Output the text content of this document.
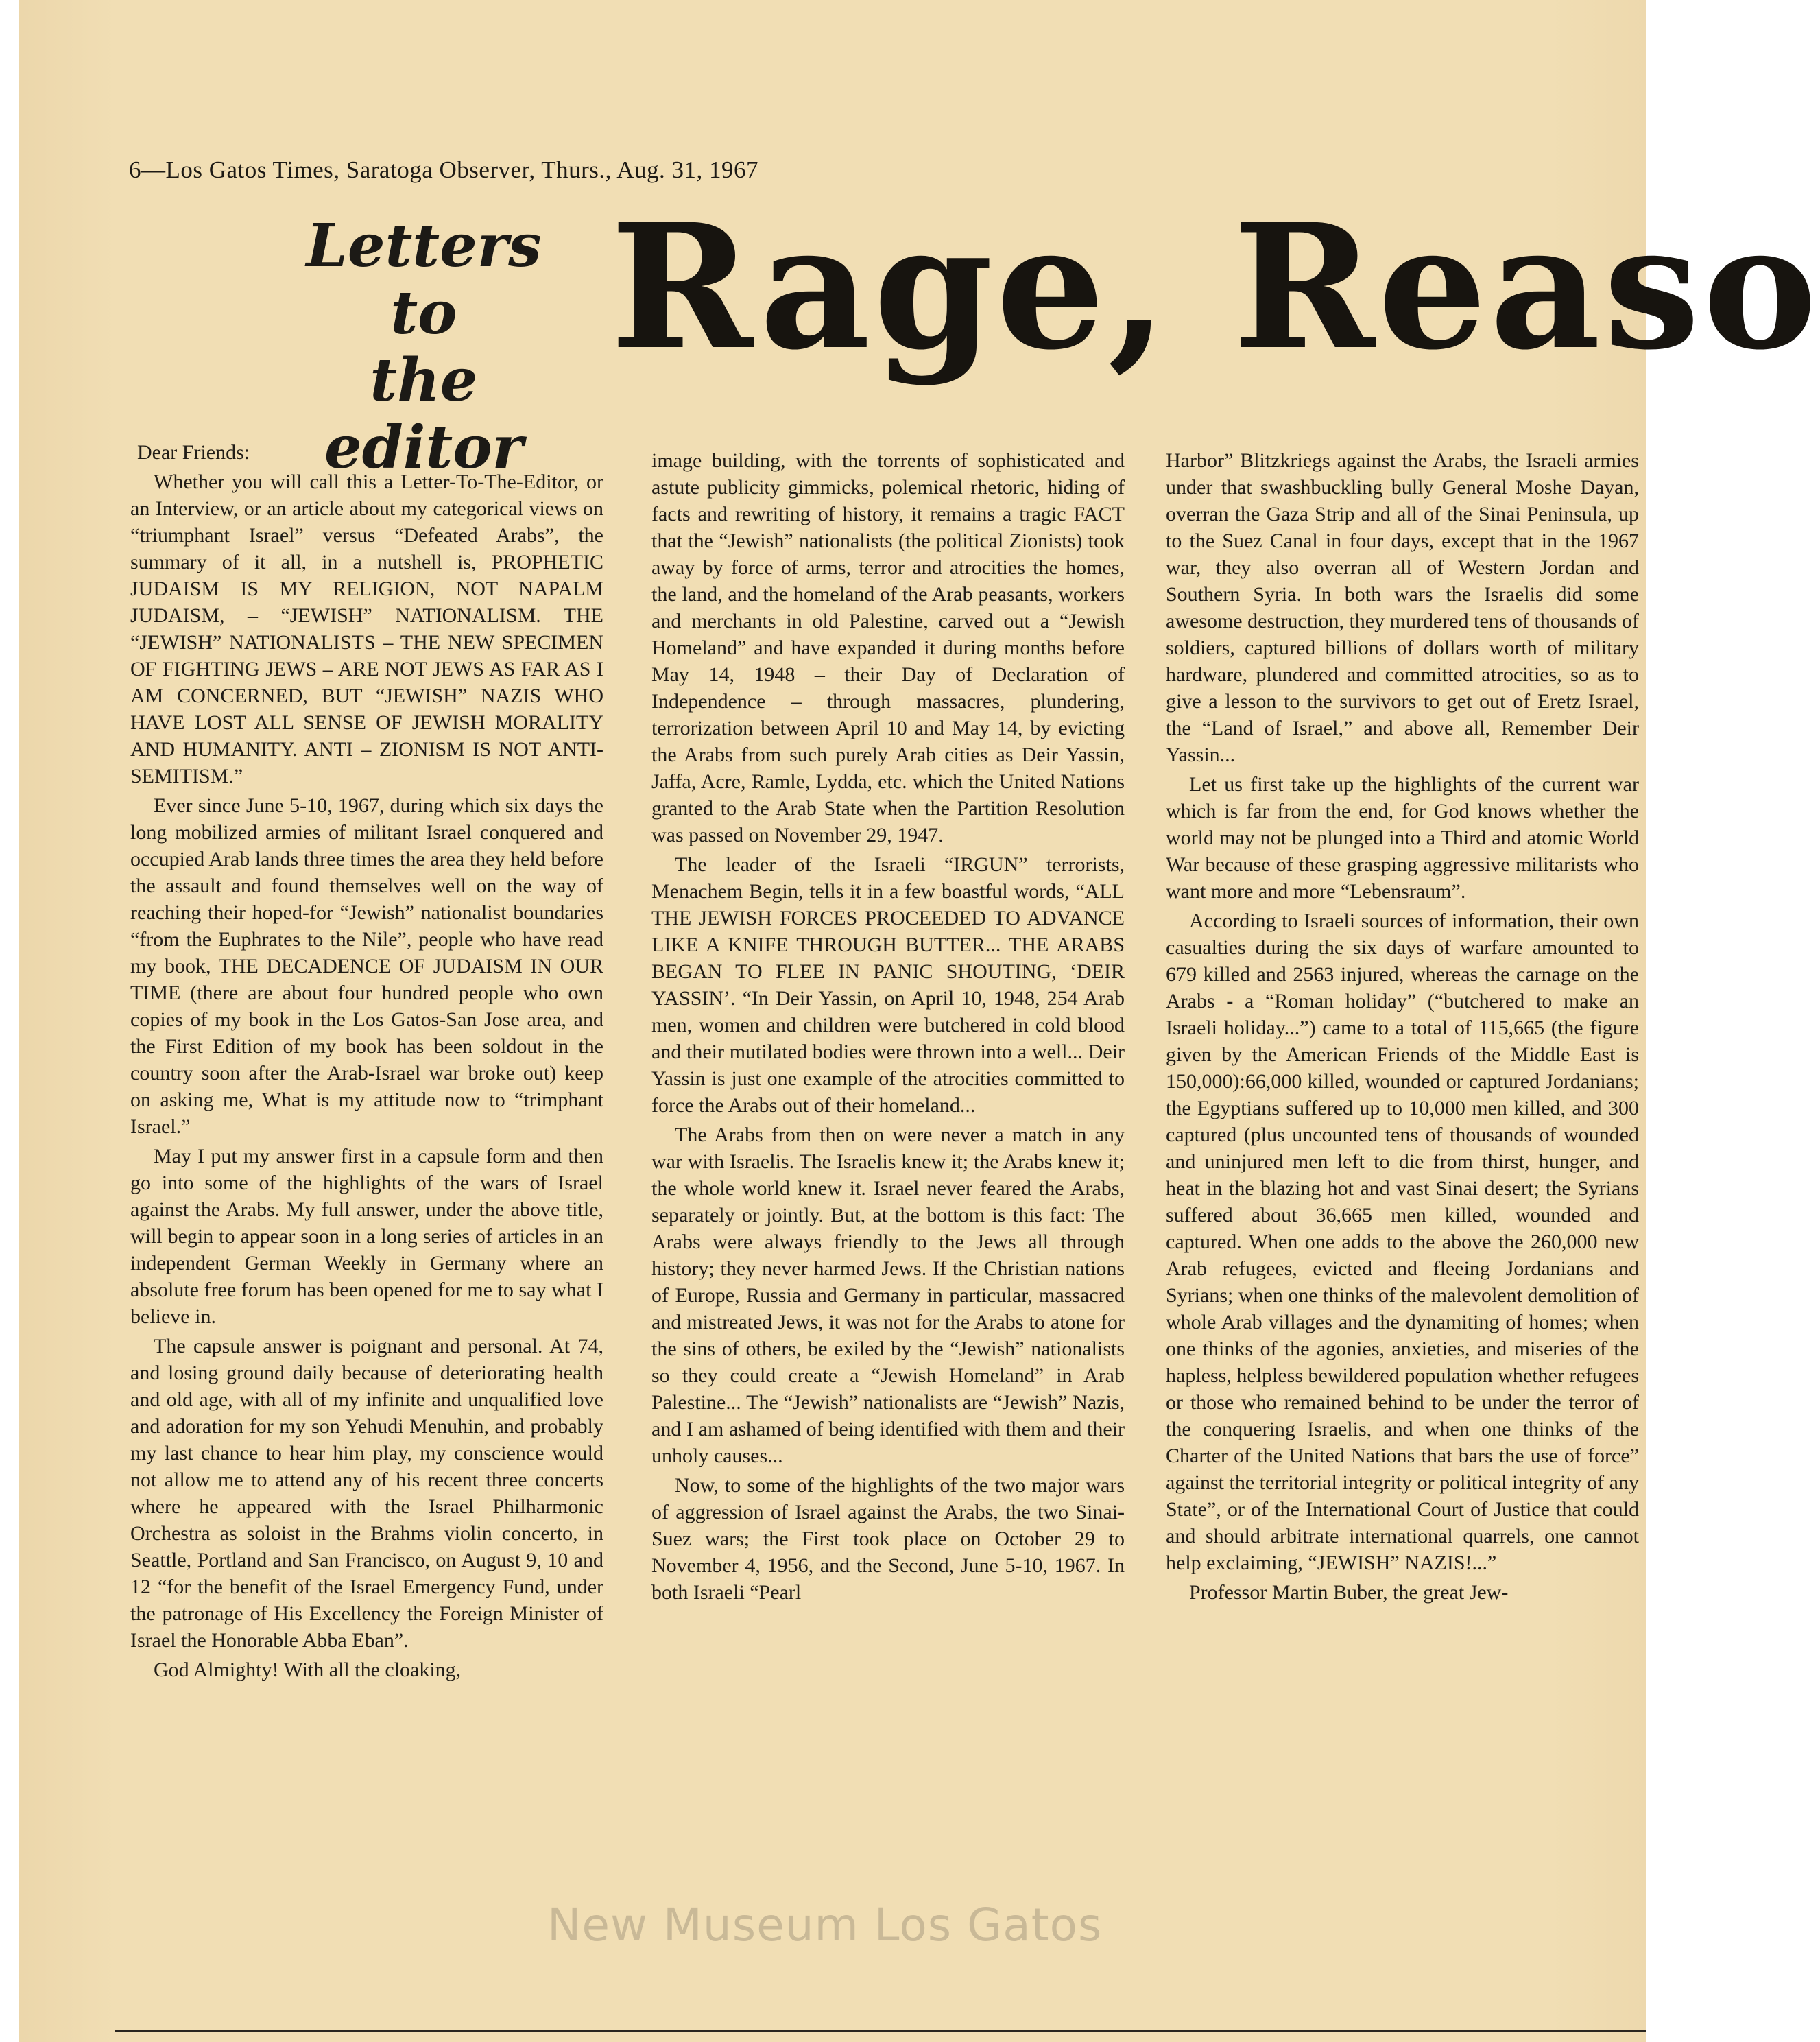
6—Los Gatos Times, Saratoga Observer, Thurs., Aug. 31, 1967
Letters to
the editor
Rage, Reaso

Dear Friends:

Whether you will call this a Letter-To-The-Editor, or an Interview, or an article about my categorical views on “triumphant Israel” versus “Defeated Arabs”, the summary of it all, in a nutshell is, PROPHETIC JUDAISM IS MY RELIGION, NOT NAPALM JUDAISM, – “JEWISH” NATIONALISM. THE “JEWISH” NATIONALISTS – THE NEW SPECIMEN OF FIGHTING JEWS – ARE NOT JEWS AS FAR AS I AM CONCERNED, BUT “JEWISH” NAZIS WHO HAVE LOST ALL SENSE OF JEWISH MORALITY AND HUMANITY. ANTI – ZIONISM IS NOT ANTI-SEMITISM.”

Ever since June 5-10, 1967, during which six days the long mobilized armies of militant Israel conquered and occupied Arab lands three times the area they held before the assault and found themselves well on the way of reaching their hoped-for “Jewish” nationalist boundaries “from the Euphrates to the Nile”, people who have read my book, THE DECADENCE OF JUDAISM IN OUR TIME (there are about four hundred people who own copies of my book in the Los Gatos-San Jose area, and the First Edition of my book has been soldout in the country soon after the Arab-Israel war broke out) keep on asking me, What is my attitude now to “trimphant Israel.”

May I put my answer first in a capsule form and then go into some of the highlights of the wars of Israel against the Arabs. My full answer, under the above title, will begin to appear soon in a long series of articles in an independent German Weekly in Germany where an absolute free forum has been opened for me to say what I believe in.

The capsule answer is poignant and personal. At 74, and losing ground daily because of deteriorating health and old age, with all of my infinite and unqualified love and adoration for my son Yehudi Menuhin, and probably my last chance to hear him play, my conscience would not allow me to attend any of his recent three concerts where he appeared with the Israel Philharmonic Orchestra as soloist in the Brahms violin concerto, in Seattle, Portland and San Francisco, on August 9, 10 and 12 “for the benefit of the Israel Emergency Fund, under the patronage of His Excellency the Foreign Minister of Israel the Honorable Abba Eban”.

God Almighty! With all the cloaking,

image building, with the torrents of sophisticated and astute publicity gimmicks, polemical rhetoric, hiding of facts and rewriting of history, it remains a tragic FACT that the “Jewish” nationalists (the political Zionists) took away by force of arms, terror and atrocities the homes, the land, and the homeland of the Arab peasants, workers and merchants in old Palestine, carved out a “Jewish Homeland” and have expanded it during months before May 14, 1948 – their Day of Declaration of Independence – through massacres, plundering, terrorization between April 10 and May 14, by evicting the Arabs from such purely Arab cities as Deir Yassin, Jaffa, Acre, Ramle, Lydda, etc. which the United Nations granted to the Arab State when the Partition Resolution was passed on November 29, 1947.

The leader of the Israeli “IRGUN” terrorists, Menachem Begin, tells it in a few boastful words, “ALL THE JEWISH FORCES PROCEEDED TO ADVANCE LIKE A KNIFE THROUGH BUTTER... THE ARABS BEGAN TO FLEE IN PANIC SHOUTING, ‘DEIR YASSIN’. “In Deir Yassin, on April 10, 1948, 254 Arab men, women and children were butchered in cold blood and their mutilated bodies were thrown into a well... Deir Yassin is just one example of the atrocities committed to force the Arabs out of their homeland...

The Arabs from then on were never a match in any war with Israelis. The Israelis knew it; the Arabs knew it; the whole world knew it. Israel never feared the Arabs, separately or jointly. But, at the bottom is this fact: The Arabs were always friendly to the Jews all through history; they never harmed Jews. If the Christian nations of Europe, Russia and Germany in particular, massacred and mistreated Jews, it was not for the Arabs to atone for the sins of others, be exiled by the “Jewish” nationalists so they could create a “Jewish Homeland” in Arab Palestine... The “Jewish” nationalists are “Jewish” Nazis, and I am ashamed of being identified with them and their unholy causes...

Now, to some of the highlights of the two major wars of aggression of Israel against the Arabs, the two Sinai-Suez wars; the First took place on October 29 to November 4, 1956, and the Second, June 5-10, 1967. In both Israeli “Pearl

Harbor” Blitzkriegs against the Arabs, the Israeli armies under that swashbuckling bully General Moshe Dayan, overran the Gaza Strip and all of the Sinai Peninsula, up to the Suez Canal in four days, except that in the 1967 war, they also overran all of Western Jordan and Southern Syria. In both wars the Israelis did some awesome destruction, they murdered tens of thousands of soldiers, captured billions of dollars worth of military hardware, plundered and committed atrocities, so as to give a lesson to the survivors to get out of Eretz Israel, the “Land of Israel,” and above all, Remember Deir Yassin...

Let us first take up the highlights of the current war which is far from the end, for God knows whether the world may not be plunged into a Third and atomic World War because of these grasping aggressive militarists who want more and more “Lebensraum”.

According to Israeli sources of information, their own casualties during the six days of warfare amounted to 679 killed and 2563 injured, whereas the carnage on the Arabs - a “Roman holiday” (“butchered to make an Israeli holiday...”) came to a total of 115,665 (the figure given by the American Friends of the Middle East is 150,000):66,000 killed, wounded or captured Jordanians; the Egyptians suffered up to 10,000 men killed, and 300 captured (plus uncounted tens of thousands of wounded and uninjured men left to die from thirst, hunger, and heat in the blazing hot and vast Sinai desert; the Syrians suffered about 36,665 men killed, wounded and captured. When one adds to the above the 260,000 new Arab refugees, evicted and fleeing Jordanians and Syrians; when one thinks of the malevolent demolition of whole Arab villages and the dynamiting of homes; when one thinks of the agonies, anxieties, and miseries of the hapless, helpless bewildered population whether refugees or those who remained behind to be under the terror of the conquering Israelis, and when one thinks of the Charter of the United Nations that bars the use of force” against the territorial integrity or political integrity of any State”, or of the International Court of Justice that could and should arbitrate international quarrels, one cannot help exclaiming, “JEWISH” NAZIS!...”

Professor Martin Buber, the great Jew-

New Museum Los Gatos
